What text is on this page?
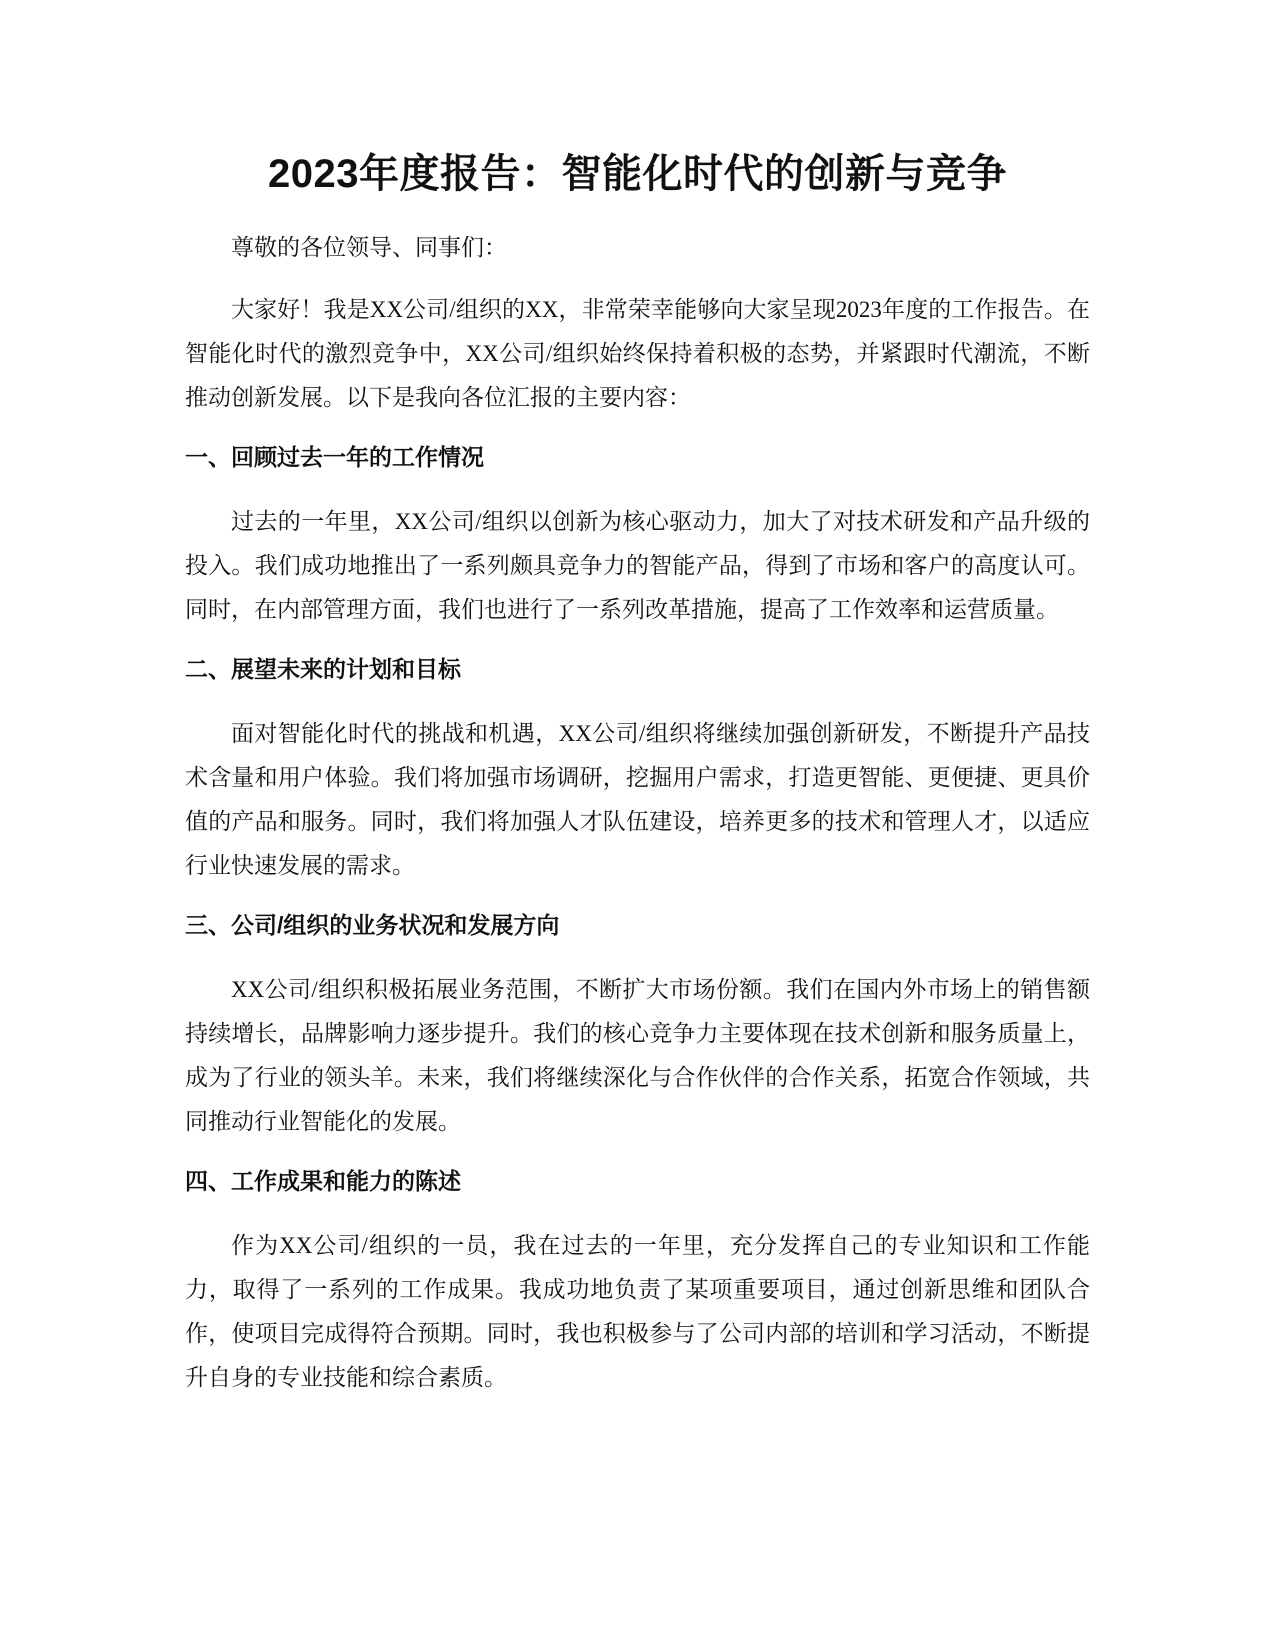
2023年度报告：智能化时代的创新与竞争

尊敬的各位领导、同事们：

大家好！我是XX公司/组织的XX，非常荣幸能够向大家呈现2023年度的工作报告。在智能化时代的激烈竞争中，XX公司/组织始终保持着积极的态势，并紧跟时代潮流，不断推动创新发展。以下是我向各位汇报的主要内容：

一、回顾过去一年的工作情况

过去的一年里，XX公司/组织以创新为核心驱动力，加大了对技术研发和产品升级的投入。我们成功地推出了一系列颇具竞争力的智能产品，得到了市场和客户的高度认可。同时，在内部管理方面，我们也进行了一系列改革措施，提高了工作效率和运营质量。

二、展望未来的计划和目标

面对智能化时代的挑战和机遇，XX公司/组织将继续加强创新研发，不断提升产品技术含量和用户体验。我们将加强市场调研，挖掘用户需求，打造更智能、更便捷、更具价值的产品和服务。同时，我们将加强人才队伍建设，培养更多的技术和管理人才，以适应行业快速发展的需求。

三、公司/组织的业务状况和发展方向

XX公司/组织积极拓展业务范围，不断扩大市场份额。我们在国内外市场上的销售额持续增长，品牌影响力逐步提升。我们的核心竞争力主要体现在技术创新和服务质量上，成为了行业的领头羊。未来，我们将继续深化与合作伙伴的合作关系，拓宽合作领域，共同推动行业智能化的发展。

四、工作成果和能力的陈述

作为XX公司/组织的一员，我在过去的一年里，充分发挥自己的专业知识和工作能力，取得了一系列的工作成果。我成功地负责了某项重要项目，通过创新思维和团队合作，使项目完成得符合预期。同时，我也积极参与了公司内部的培训和学习活动，不断提升自身的专业技能和综合素质。
